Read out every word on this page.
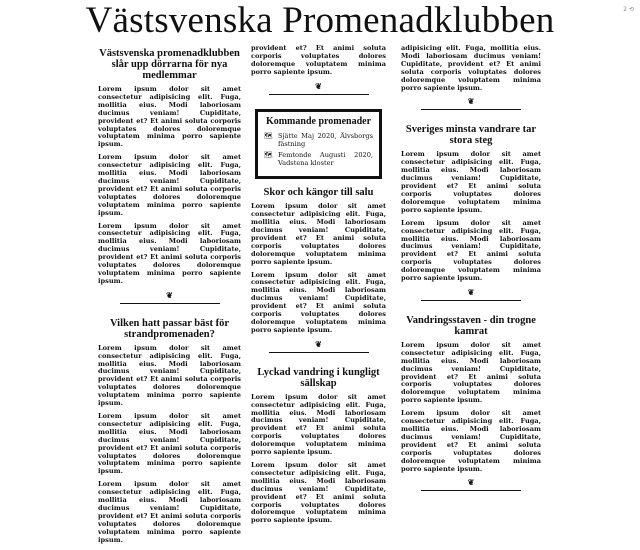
Västsvenska Promenadklubben	2 ⟲
Västsvenska promenadklubben slår upp dörrarna för nya medlemmar

Lorem ipsum dolor sit amet consectetur adipisicing elit. Fuga, mollitia eius. Modi laboriosam ducimus veniam! Cupiditate, provident et? Et animi soluta corporis voluptates dolores doloremque voluptatem minima porro sapiente ipsum.

Lorem ipsum dolor sit amet consectetur adipisicing elit. Fuga, mollitia eius. Modi laboriosam ducimus veniam! Cupiditate, provident et? Et animi soluta corporis voluptates dolores doloremque voluptatem minima porro sapiente ipsum.

Lorem ipsum dolor sit amet consectetur adipisicing elit. Fuga, mollitia eius. Modi laboriosam ducimus veniam! Cupiditate, provident et? Et animi soluta corporis voluptates dolores doloremque voluptatem minima porro sapiente ipsum.

❦
Vilken hatt passar bäst för strandpromenaden?

Lorem ipsum dolor sit amet consectetur adipisicing elit. Fuga, mollitia eius. Modi laboriosam ducimus veniam! Cupiditate, provident et? Et animi soluta corporis voluptates dolores doloremque voluptatem minima porro sapiente ipsum.

Lorem ipsum dolor sit amet consectetur adipisicing elit. Fuga, mollitia eius. Modi laboriosam ducimus veniam! Cupiditate, provident et? Et animi soluta corporis voluptates dolores doloremque voluptatem minima porro sapiente ipsum.

Lorem ipsum dolor sit amet consectetur adipisicing elit. Fuga, mollitia eius. Modi laboriosam ducimus veniam! Cupiditate, provident et? Et animi soluta corporis voluptates dolores doloremque voluptatem minima porro sapiente ipsum.

provident et? Et animi soluta corporis voluptates dolores doloremque voluptatem minima porro sapiente ipsum.

❦
Kommande promenader
🗺 Sjätte Maj 2020, Älvsborgs fästning
🗺 Femtonde Augusti 2020, Vadstena kloster
Skor och kängor till salu

Lorem ipsum dolor sit amet consectetur adipisicing elit. Fuga, mollitia eius. Modi laboriosam ducimus veniam! Cupiditate, provident et? Et animi soluta corporis voluptates dolores doloremque voluptatem minima porro sapiente ipsum.

Lorem ipsum dolor sit amet consectetur adipisicing elit. Fuga, mollitia eius. Modi laboriosam ducimus veniam! Cupiditate, provident et? Et animi soluta corporis voluptates dolores doloremque voluptatem minima porro sapiente ipsum.

❦
Lyckad vandring i kungligt sällskap

Lorem ipsum dolor sit amet consectetur adipisicing elit. Fuga, mollitia eius. Modi laboriosam ducimus veniam! Cupiditate, provident et? Et animi soluta corporis voluptates dolores doloremque voluptatem minima porro sapiente ipsum.

Lorem ipsum dolor sit amet consectetur adipisicing elit. Fuga, mollitia eius. Modi laboriosam ducimus veniam! Cupiditate, provident et? Et animi soluta corporis voluptates dolores doloremque voluptatem minima porro sapiente ipsum.

adipisicing elit. Fuga, mollitia eius. Modi laboriosam ducimus veniam! Cupiditate, provident et? Et animi soluta corporis voluptates dolores doloremque voluptatem minima porro sapiente ipsum.

❦
Sveriges minsta vandrare tar stora steg

Lorem ipsum dolor sit amet consectetur adipisicing elit. Fuga, mollitia eius. Modi laboriosam ducimus veniam! Cupiditate, provident et? Et animi soluta corporis voluptates dolores doloremque voluptatem minima porro sapiente ipsum.

Lorem ipsum dolor sit amet consectetur adipisicing elit. Fuga, mollitia eius. Modi laboriosam ducimus veniam! Cupiditate, provident et? Et animi soluta corporis voluptates dolores doloremque voluptatem minima porro sapiente ipsum.

❦
Vandringsstaven - din trogne kamrat

Lorem ipsum dolor sit amet consectetur adipisicing elit. Fuga, mollitia eius. Modi laboriosam ducimus veniam! Cupiditate, provident et? Et animi soluta corporis voluptates dolores doloremque voluptatem minima porro sapiente ipsum.

Lorem ipsum dolor sit amet consectetur adipisicing elit. Fuga, mollitia eius. Modi laboriosam ducimus veniam! Cupiditate, provident et? Et animi soluta corporis voluptates dolores doloremque voluptatem minima porro sapiente ipsum.

❦
